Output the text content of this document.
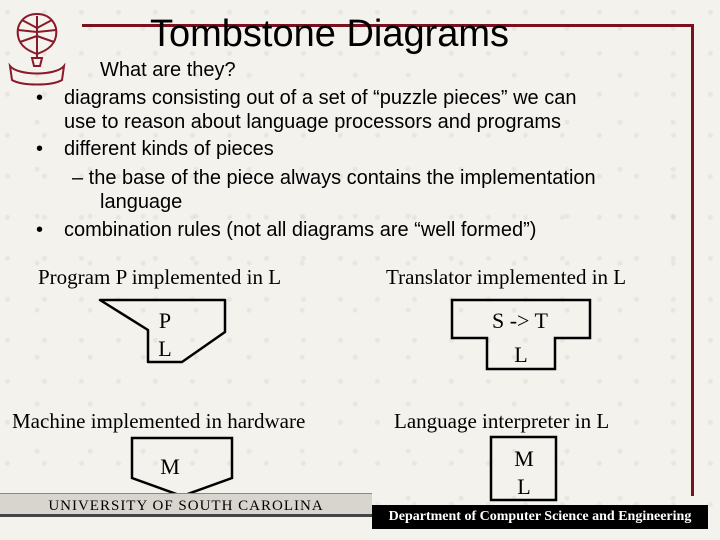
Tombstone Diagrams
What are they?
• diagrams consisting out of a set of “puzzle pieces” we can
use to reason about language processors and programs
• different kinds of pieces
– the base of the piece always contains the implementation
language
• combination rules (not all diagrams are “well formed”)
Program P implemented in L	Translator implemented in L
Machine implemented in hardware	Language interpreter in L
P
L
S -> T
L
M	M
L
UNIVERSITY OF SOUTH CAROLINA
Department of Computer Science and Engineering
